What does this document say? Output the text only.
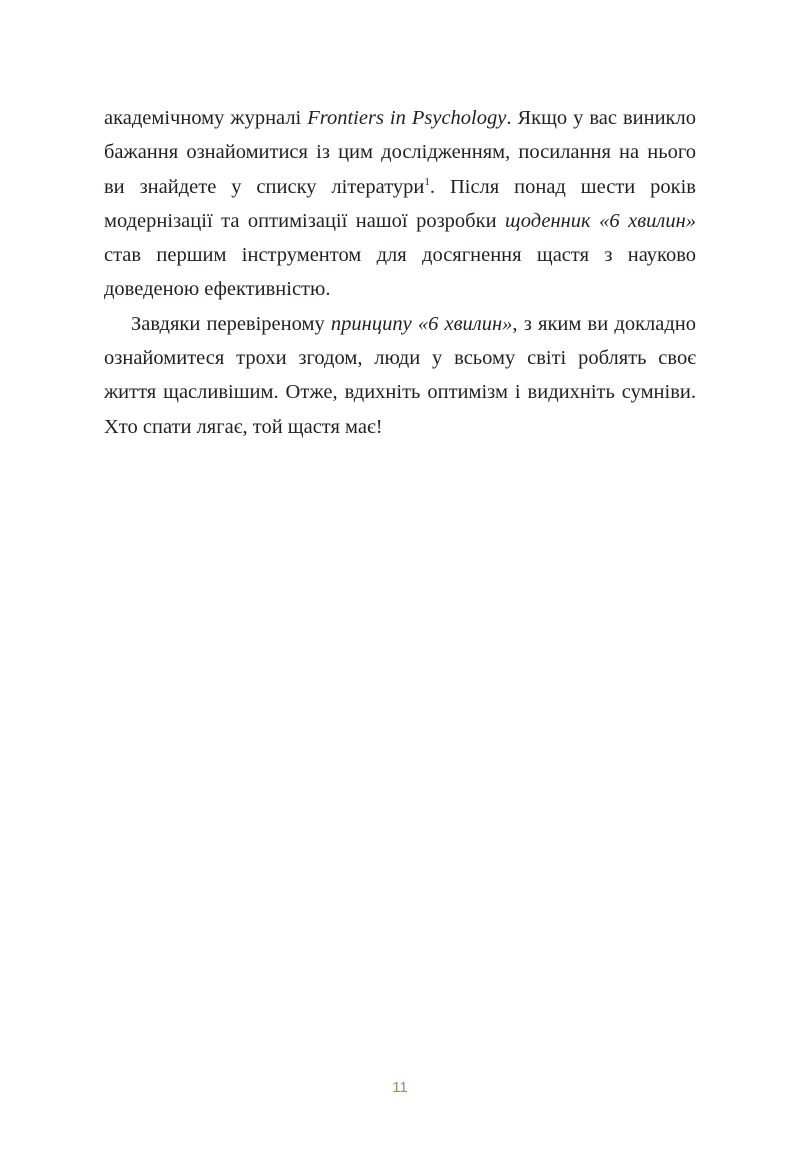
академічному журналі Frontiers in Psychology. Якщо у вас виникло бажання ознайомитися із цим дослідженням, посилання на нього ви знайдете у списку літератури$^1$. Після понад шести років модернізації та оптимізації нашої розробки щоденник «6 хвилин» став першим інструментом для досягнення щастя з науково доведеною ефективністю.

Завдяки перевіреному принципу «6 хвилин», з яким ви докладно ознайомитеся трохи згодом, люди у всьому світі роблять своє життя щасливішим. Отже, вдихніть оптимізм і видихніть сумніви. Хто спати лягає, той щастя має!

11
